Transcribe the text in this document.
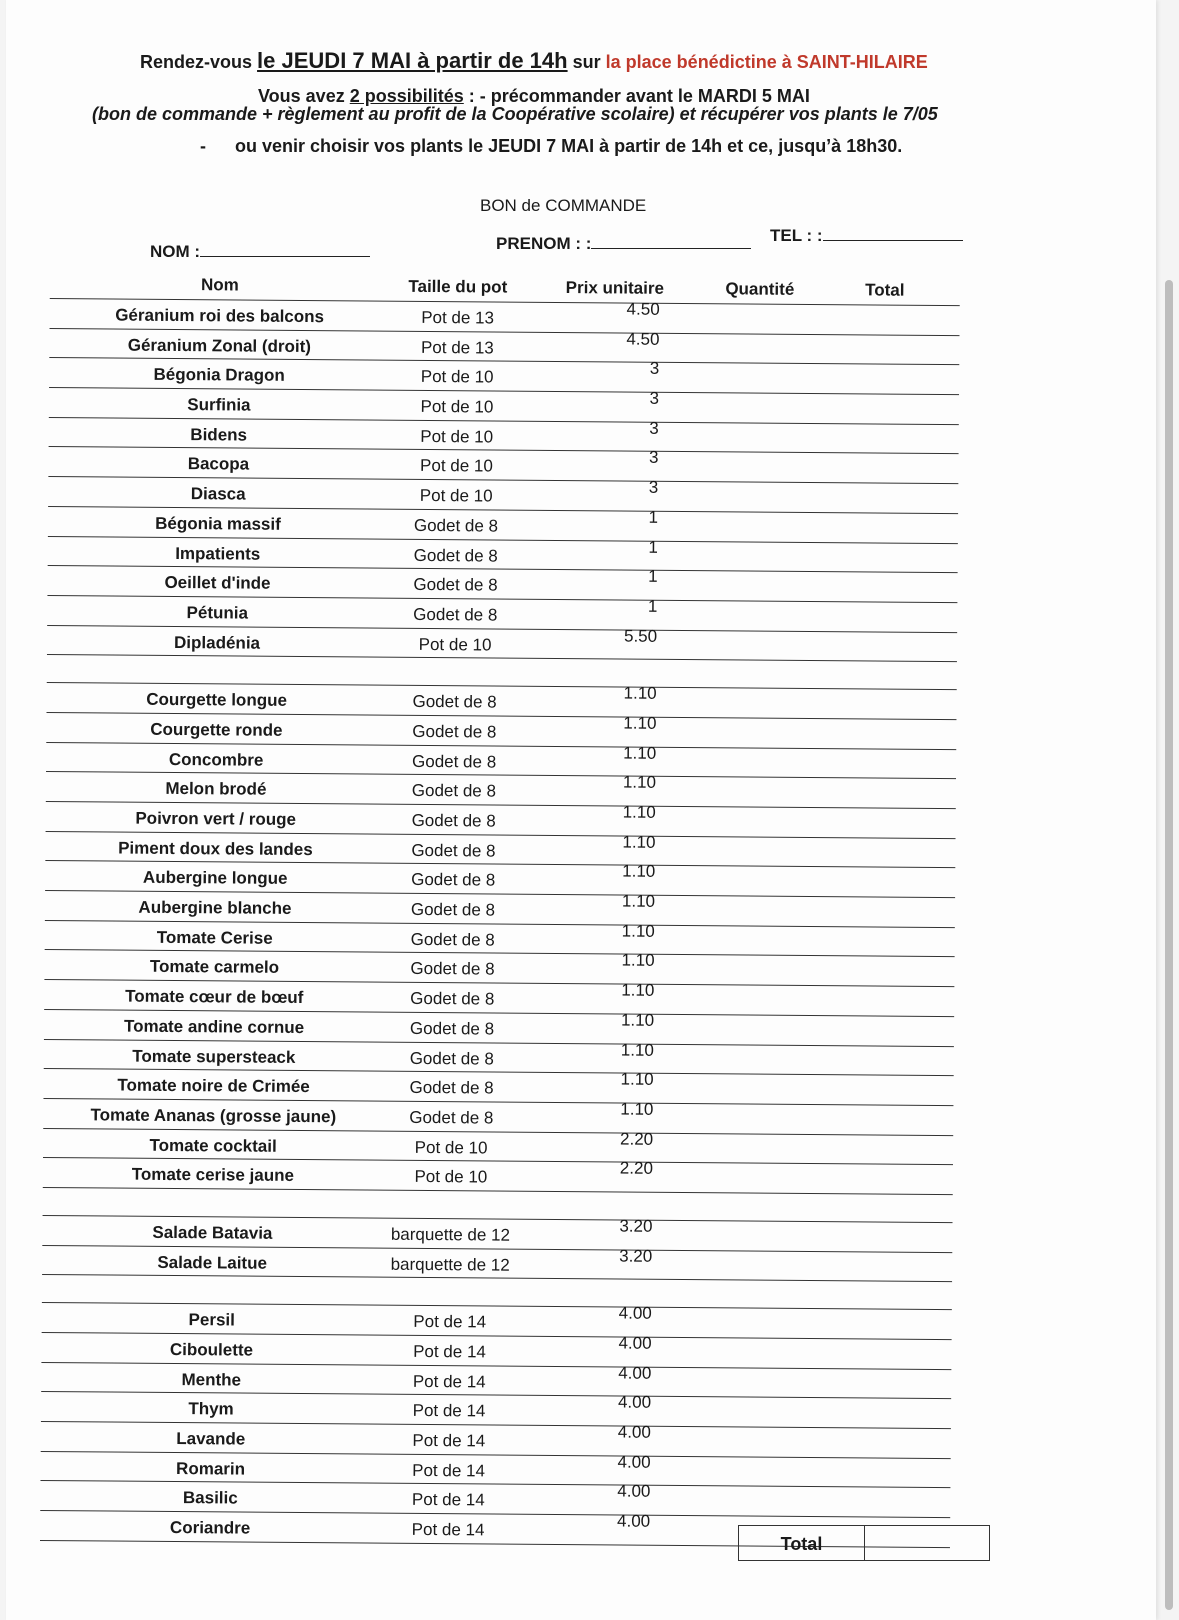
Rendez-vous le JEUDI 7 MAI à partir de 14h sur la place bénédictine à SAINT-HILAIRE
Vous avez 2 possibilités : - précommander avant le MARDI 5 MAI
(bon de commande + règlement au profit de la Coopérative scolaire) et récupérer vos plants le 7/05
- ou venir choisir vos plants le JEUDI 7 MAI à partir de 14h et ce, jusqu’à 18h30.
BON de COMMANDE
NOM :	PRENOM : :	TEL : :
Nom	Taille du pot	Prix unitaire	Quantité	Total
Géranium roi des balcons	Pot de 13	4.50
Géranium Zonal (droit)	Pot de 13	4.50
Bégonia Dragon	Pot de 10	3
Surfinia	Pot de 10	3
Bidens	Pot de 10	3
Bacopa	Pot de 10	3
Diasca	Pot de 10	3
Bégonia massif	Godet de 8	1
Impatients	Godet de 8	1
Oeillet d'inde	Godet de 8	1
Pétunia	Godet de 8	1
Dipladénia	Pot de 10	5.50
Courgette longue	Godet de 8	1.10
Courgette ronde	Godet de 8	1.10
Concombre	Godet de 8	1.10
Melon brodé	Godet de 8	1.10
Poivron vert / rouge	Godet de 8	1.10
Piment doux des landes	Godet de 8	1.10
Aubergine longue	Godet de 8	1.10
Aubergine blanche	Godet de 8	1.10
Tomate Cerise	Godet de 8	1.10
Tomate carmelo	Godet de 8	1.10
Tomate cœur de bœuf	Godet de 8	1.10
Tomate andine cornue	Godet de 8	1.10
Tomate supersteack	Godet de 8	1.10
Tomate noire de Crimée	Godet de 8	1.10
Tomate Ananas (grosse jaune)	Godet de 8	1.10
Tomate cocktail	Pot de 10	2.20
Tomate cerise jaune	Pot de 10	2.20
Salade Batavia	barquette de 12	3.20
Salade Laitue	barquette de 12	3.20
Persil	Pot de 14	4.00
Ciboulette	Pot de 14	4.00
Menthe	Pot de 14	4.00
Thym	Pot de 14	4.00
Lavande	Pot de 14	4.00
Romarin	Pot de 14	4.00
Basilic	Pot de 14	4.00
Coriandre	Pot de 14	4.00
Total
